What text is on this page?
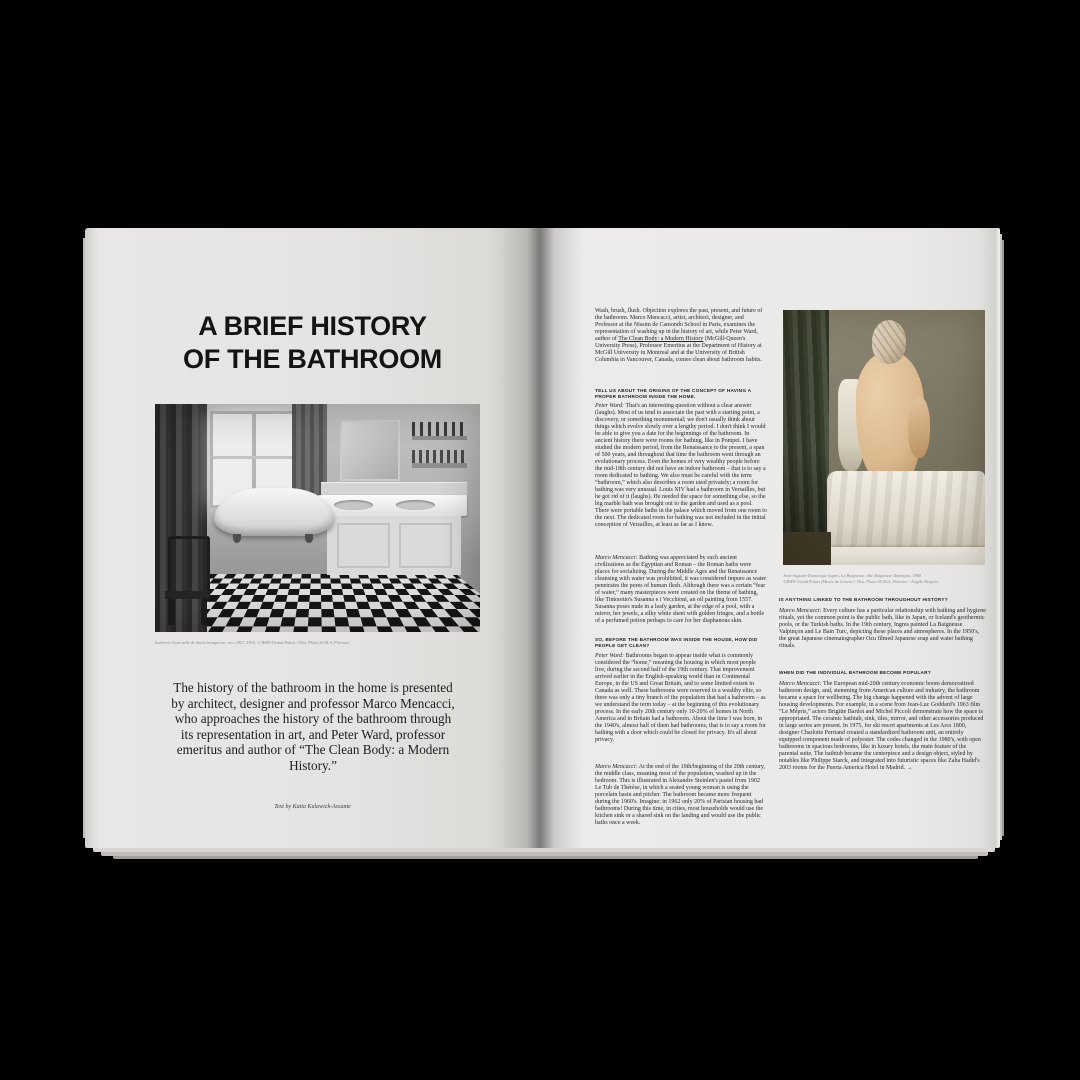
A BRIEF HISTORY
OF THE BATHROOM

Intérieur d'une salle de bains bourgeoise, vers 1927–1932. © RMN-Grand Palais / Dist. Photo SCALA, Florence

The history of the bathroom in the home is presented by architect, designer and professor Marco Mencacci, who approaches the history of the bathroom through its representation in art, and Peter Ward, professor emeritus and author of “The Clean Body: a Modern History.”

Text by Katia Kulawick-Assante

Wash, brush, flush. Objection explores the past, present, and future of the bathroom. Marco Mencacci, artist, architect, designer, and Professor at the Nissim de Camondo School in Paris, examines the representation of washing up in the history of art, while Peter Ward, author of The Clean Body: a Modern History (McGill-Queen's University Press), Professor Emeritus at the Department of History at McGill University in Montreal and at the University of British Columbia in Vancouver, Canada, comes clean about bathroom habits.

TELL US ABOUT THE ORIGINS OF THE CONCEPT OF HAVING A PROPER BATHROOM INSIDE THE HOME.

Peter Ward: That's an interesting question without a clear answer (laughs). Most of us tend to associate the past with a starting point, a discovery, or something monumental; we don't usually think about things which evolve slowly over a lengthy period. I don't think I would be able to give you a date for the beginnings of the bathroom. In ancient history there were rooms for bathing, like in Pompei. I have studied the modern period, from the Renaissance to the present, a span of 500 years, and throughout that time the bathroom went through an evolutionary process. Even the homes of very wealthy people before the mid-18th century did not have an indoor bathroom – that is to say a room dedicated to bathing. We also must be careful with the term “bathroom,” which also describes a room used privately; a room for bathing was very unusual. Louis XIV had a bathroom in Versailles, but he got rid of it (laughs). He needed the space for something else, so the big marble bath was brought out to the garden and used as a pool. There were portable baths in the palace which moved from one room to the next. The dedicated room for bathing was not included in the initial conception of Versailles, at least as far as I know.

Marco Mencacci: Bathing was appreciated by such ancient civilizations as the Egyptian and Roman – the Roman baths were places for socializing. During the Middle Ages and the Renaissance cleansing with water was prohibited, it was considered impure as water penetrates the pores of human flesh. Although there was a certain “fear of water,” many masterpieces were created on the theme of bathing, like Tintoretto's Susanna e i Vecchioni, an oil painting from 1557. Susanna poses nude in a leafy garden, at the edge of a pool, with a mirror, her jewels, a silky white sheet with golden fringes, and a bottle of a perfumed potion perhaps to care for her diaphanous skin.

SO, BEFORE THE BATHROOM WAS INSIDE THE HOUSE, HOW DID PEOPLE GET CLEAN?

Peter Ward: Bathrooms began to appear inside what is commonly considered the “home,” meaning the housing in which most people live, during the second half of the 19th century. That improvement arrived earlier in the English-speaking world than in Continental Europe, in the US and Great Britain, and to some limited extent in Canada as well. These bathrooms were reserved to a wealthy elite, so there was only a tiny branch of the population that had a bathroom – as we understand the term today – at the beginning of this evolutionary process. In the early 20th century only 10-20% of homes in North America and in Britain had a bathroom. About the time I was born, in the 1940's, almost half of them had bathrooms, that is to say a room for bathing with a door which could be closed for privacy. It's all about privacy.

Marco Mencacci: At the end of the 19th/beginning of the 20th century, the middle class, meaning most of the population, washed up in the bedroom. This is illustrated in Alexandre Steinlen's pastel from 1902 Le Tub de Thérèse, in which a seated young woman is using the porcelain basin and pitcher. The bathroom became more frequent during the 1960's. Imagine: in 1962 only 20% of Parisian housing had bathrooms! During this time, in cities, most households would use the kitchen sink or a shared sink on the landing and would use the public baths once a week.

Jean-Auguste-Dominique Ingres, La Baigneuse, dite Baigneuse Valpinçon, 1808.
©RMN-Grand Palais (Musée du Louvre) / Dist. Photo SCALA, Florence / Angèle Dequier

IS ANYTHING LINKED TO THE BATHROOM THROUGHOUT HISTORY?

Marco Mencacci: Every culture has a particular relationship with bathing and hygiene rituals, yet the common point is the public bath, like in Japan, or Iceland's geothermic pools, or the Turkish baths. In the 19th century, Ingres painted La Baigneuse Valpinçon and Le Bain Turc, depicting these places and atmospheres. In the 1950's, the great Japanese cinematographer Ozu filmed Japanese soap and water bathing rituals.

WHEN DID THE INDIVIDUAL BATHROOM BECOME POPULAR?

Marco Mencacci: The European mid-20th century economic boom democratized bathroom design, and, stemming from American culture and industry, the bathroom became a space for wellbeing. The big change happened with the advent of large housing developments. For example, in a scene from Jean-Luc Goddard's 1963 film “Le Mépris,” actors Brigitte Bardot and Michel Piccoli demonstrate how the space is appropriated. The ceramic bathtub, sink, tiles, mirror, and other accessories produced in large series are present. In 1975, for ski resort apartments at Les Arcs 1800, designer Charlotte Perriand created a standardized bathroom unit, an entirely equipped component made of polyester. The codes changed in the 1980's, with open bathrooms in spacious bedrooms, like in luxury hotels, the main feature of the parental suite. The bathtub became the centerpiece and a design object, styled by notables like Philippe Starck, and integrated into futuristic spaces like Zaha Hadid's 2003 rooms for the Puerta America Hotel in Madrid. →
